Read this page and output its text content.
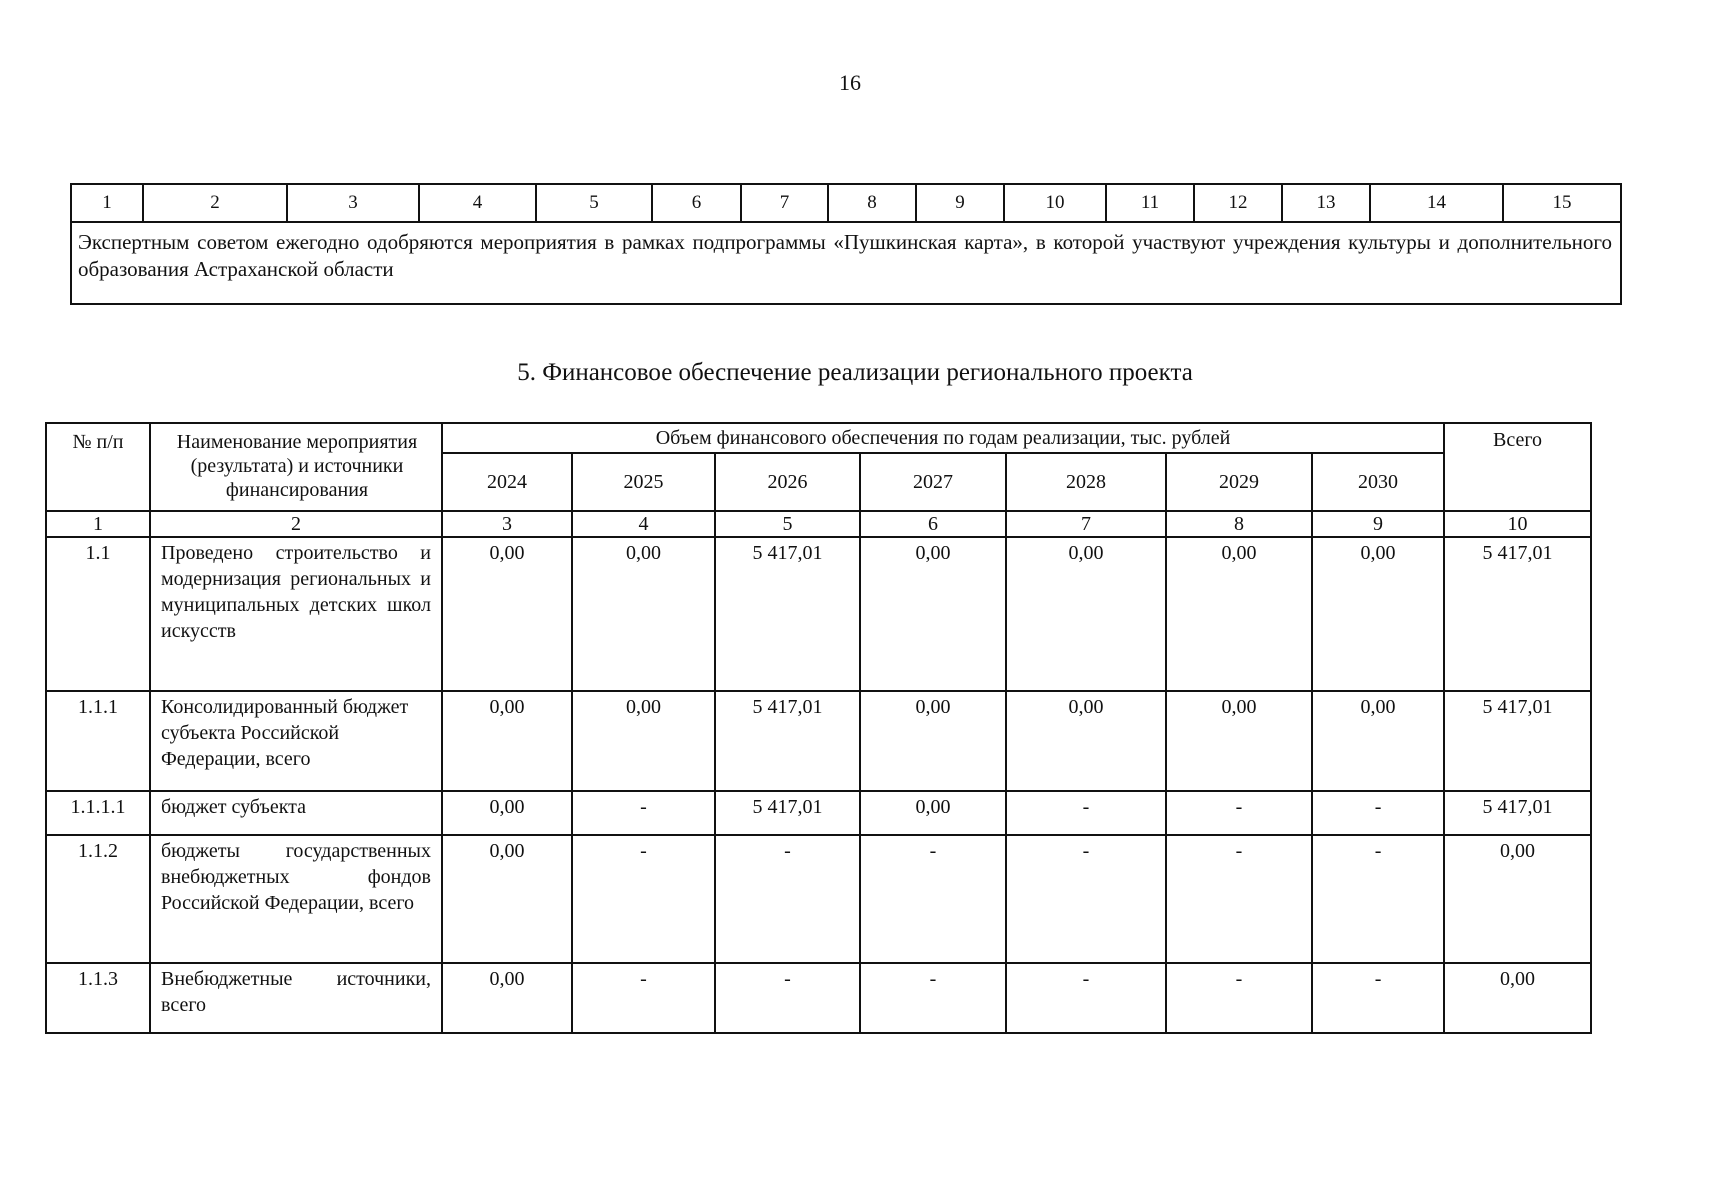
16
1	2	3	4	5	6	7	8	9	10	11	12	13	14	15
Экспертным советом ежегодно одобряются мероприятия в рамках подпрограммы «Пушкинская карта», в которой участвуют учреждения культуры и дополнительного образования Астраханской области
5. Финансовое обеспечение реализации регионального проекта
№ п/п	Наименование мероприятия (результата) и источники финансирования	Объем финансового обеспечения по годам реализации, тыс. рублей							Всего
		2024	2025	2026	2027	2028	2029	2030	
1	2	3	4	5	6	7	8	9	10
1.1	Проведено строительство и модернизация региональных и муниципальных детских школ искусств	0,00	0,00	5 417,01	0,00	0,00	0,00	0,00	5 417,01
1.1.1	Консолидированный бюджет субъекта Российской Федерации, всего	0,00	0,00	5 417,01	0,00	0,00	0,00	0,00	5 417,01
1.1.1.1	бюджет субъекта	0,00	-	5 417,01	0,00	-	-	-	5 417,01
1.1.2	бюджеты государственных внебюджетных фондов Российской Федерации, всего	0,00	-	-	-	-	-	-	0,00
1.1.3	Внебюджетные источники, всего	0,00	-	-	-	-	-	-	0,00
